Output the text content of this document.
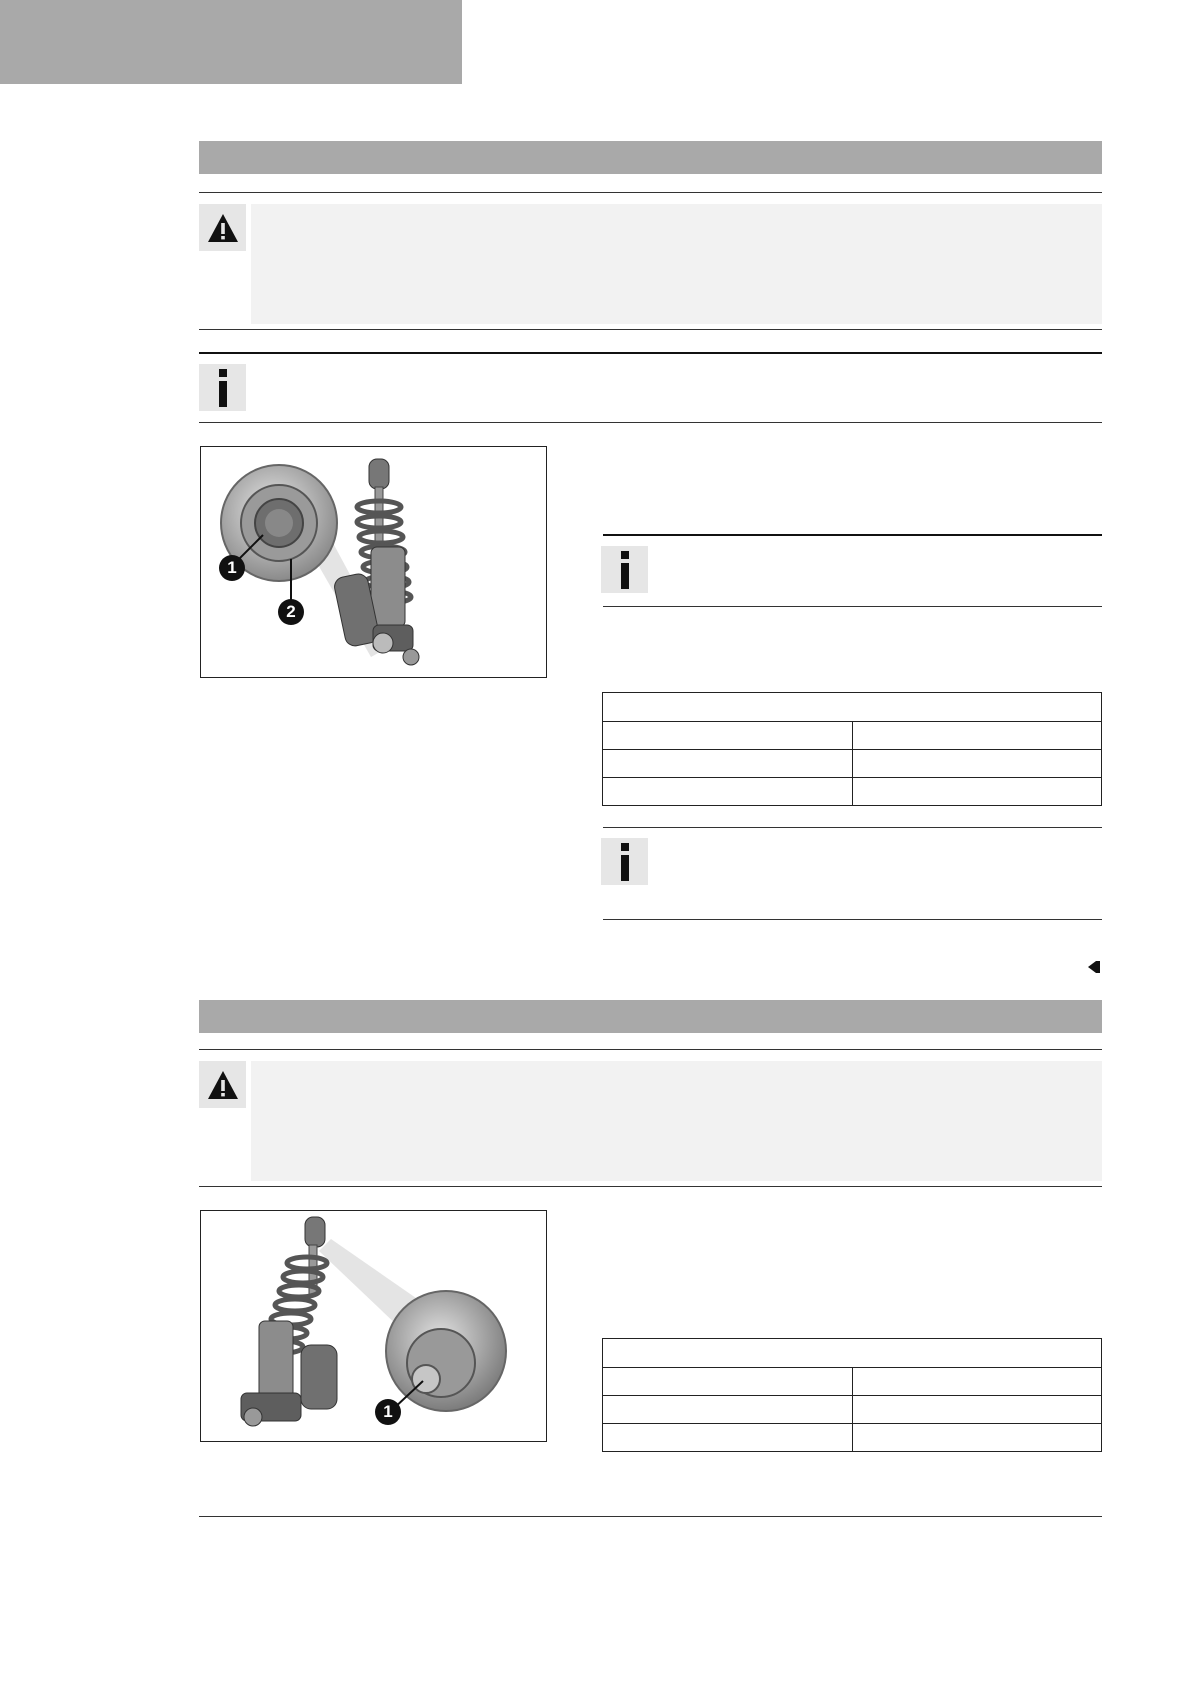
1
2

1
